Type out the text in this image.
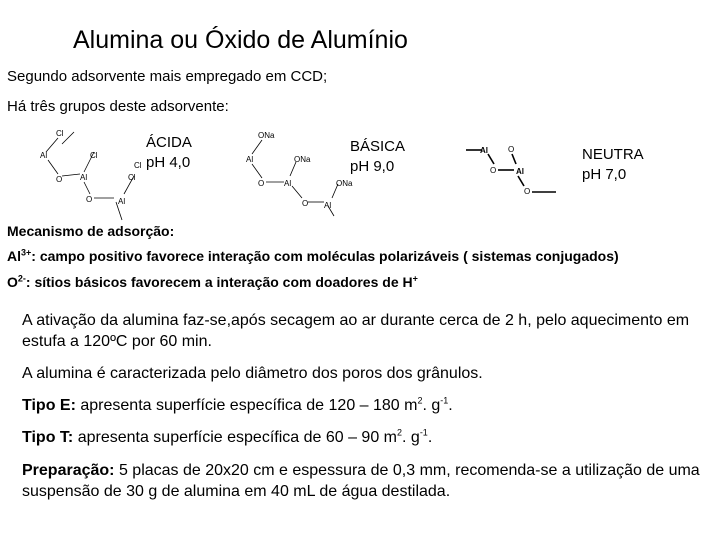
Alumina ou Óxido de Alumínio
Segundo adsorvente mais empregado em CCD;
Há três grupos deste adsorvente:
Cl
Al	Cl
O Al	Cl
O	Al
Cl
ÁCIDA
pH 4,0
ONa
Al	ONa
O Al
O Al
ONa
BÁSICA
pH 9,0
Al	O
O Al
O
NEUTRA
pH 7,0
Mecanismo de adsorção:
$Al^{3+}$: campo positivo favorece interação com moléculas polarizáveis ( sistemas conjugados)
$O^{2-}$: sítios básicos favorecem a interação com doadores de H+
A ativação da alumina faz-se,após secagem ao ar durante cerca de 2 h, pelo aquecimento em estufa a 120ºC por 60 min.
A alumina é caracterizada pelo diâmetro dos poros dos grânulos.
Tipo E: apresenta superfície específica de 120 – 180 $m^2$. $g^{-1}$.
Tipo T: apresenta superfície específica de 60 – 90 $m^2$. $g^{-1}$.
Preparação: 5 placas de 20x20 cm e espessura de 0,3 mm, recomenda-se a utilização de uma suspensão de 30 g de alumina em 40 mL de água destilada.
